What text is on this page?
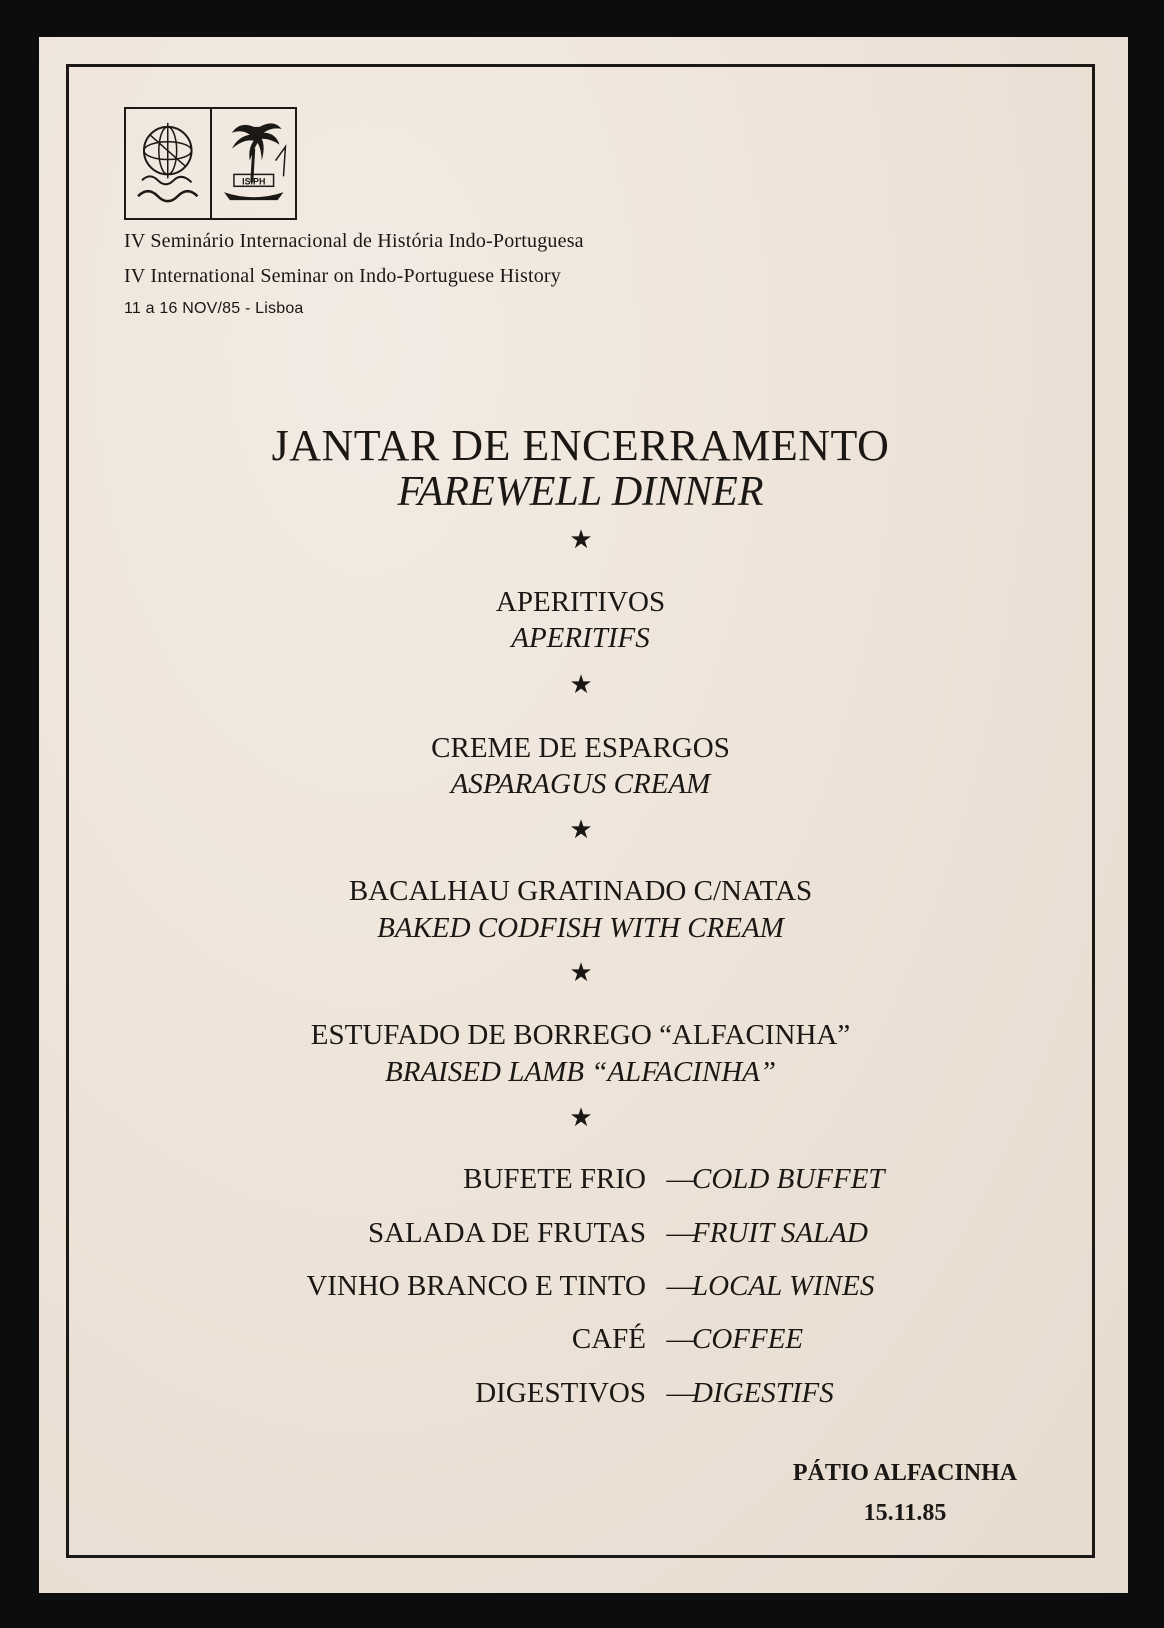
ISIPH
IV Seminário Internacional de História Indo-Portuguesa
IV International Seminar on Indo-Portuguese History
11 a 16 NOV/85 - Lisboa
JANTAR DE ENCERRAMENTO
FAREWELL DINNER
★
APERITIVOS
APERITIFS
★
CREME DE ESPARGOS
ASPARAGUS CREAM
★
BACALHAU GRATINADO C/NATAS
BAKED CODFISH WITH CREAM
★
ESTUFADO DE BORREGO “ALFACINHA”
BRAISED LAMB “ALFACINHA”
★
BUFETE FRIO —
COLD BUFFET
SALADA DE FRUTAS —
FRUIT SALAD
VINHO BRANCO E TINTO —
LOCAL WINES
CAFÉ —
COFFEE
DIGESTIVOS —
DIGESTIFS
PÁTIO ALFACINHA
15.11.85
